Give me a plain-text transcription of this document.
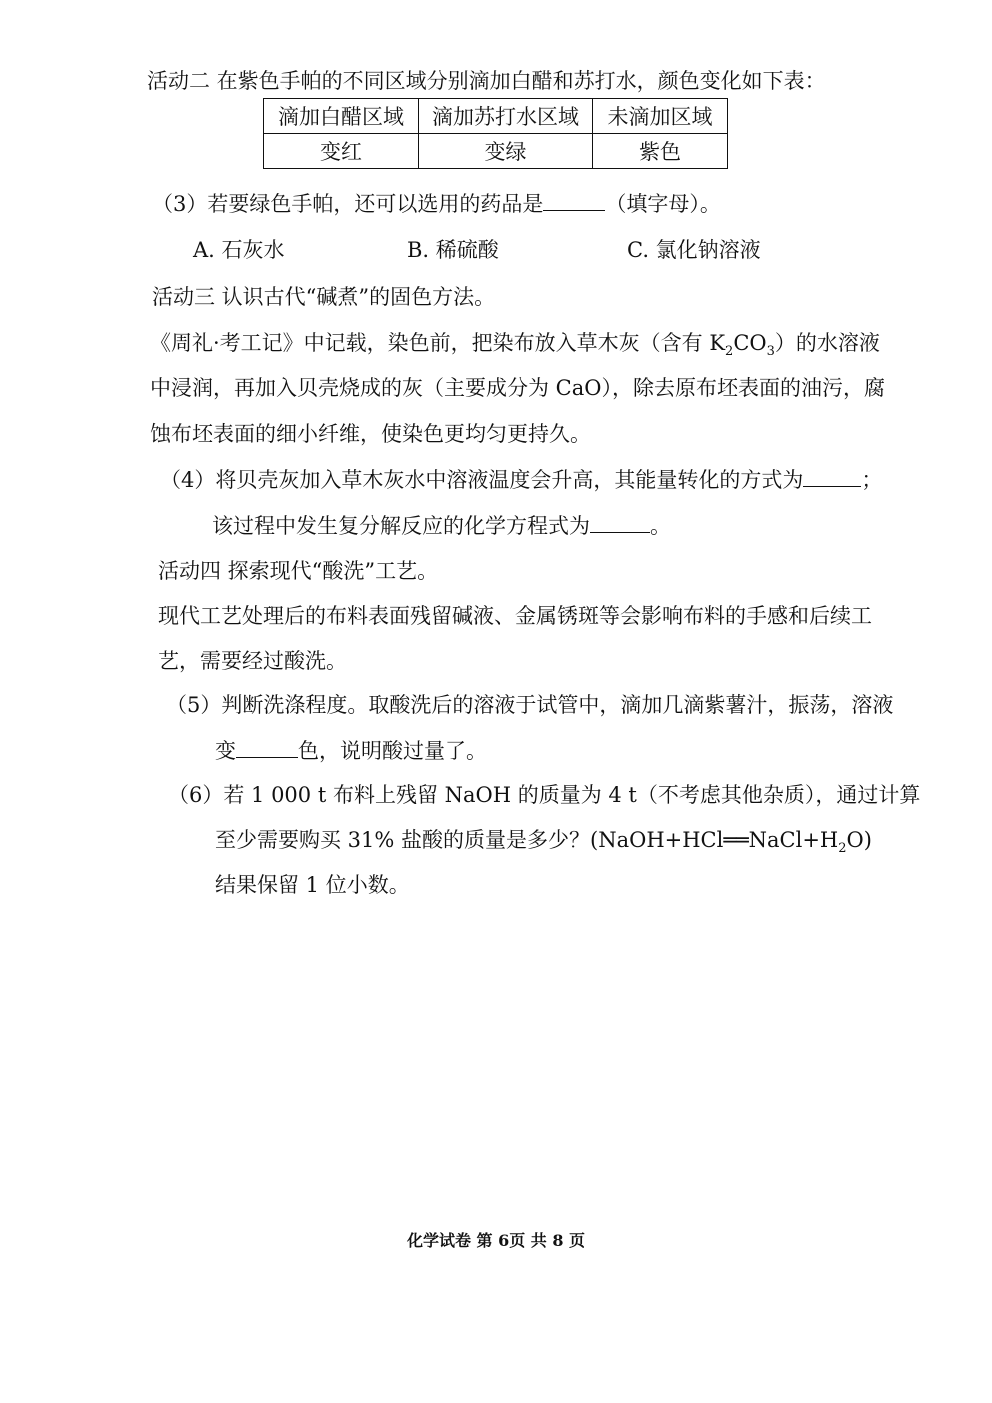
活动二 在紫色手帕的不同区域分别滴加白醋和苏打水，颜色变化如下表：
滴加白醋区域	滴加苏打水区域	未滴加区域
变红	变绿	紫色
（3）若要绿色手帕，还可以选用的药品是	（填字母）。
A. 石灰水	B. 稀硫酸	C. 氯化钠溶液
活动三 认识古代“碱煮”的固色方法。
《周礼·考工记》中记载，染色前，把染布放入草木灰（含有 $K_2CO_3$）的水溶液
中浸润，再加入贝壳烧成的灰（主要成分为 CaO），除去原布坯表面的油污，腐
蚀布坯表面的细小纤维，使染色更均匀更持久。
（4）将贝壳灰加入草木灰水中溶液温度会升高，其能量转化的方式为	；
该过程中发生复分解反应的化学方程式为	。
活动四 探索现代“酸洗”工艺。
现代工艺处理后的布料表面残留碱液、金属锈斑等会影响布料的手感和后续工
艺，需要经过酸洗。
（5）判断洗涤程度。取酸洗后的溶液于试管中，滴加几滴紫薯汁，振荡，溶液
变	色，说明酸过量了。
（6）若 1 000 t 布料上残留 NaOH 的质量为 4 t（不考虑其他杂质），通过计算
至少需要购买 31% 盐酸的质量是多少？$(NaOH+HCl══NaCl+H_2O)$
结果保留 1 位小数。
化学试卷 第 6页 共 8 页
